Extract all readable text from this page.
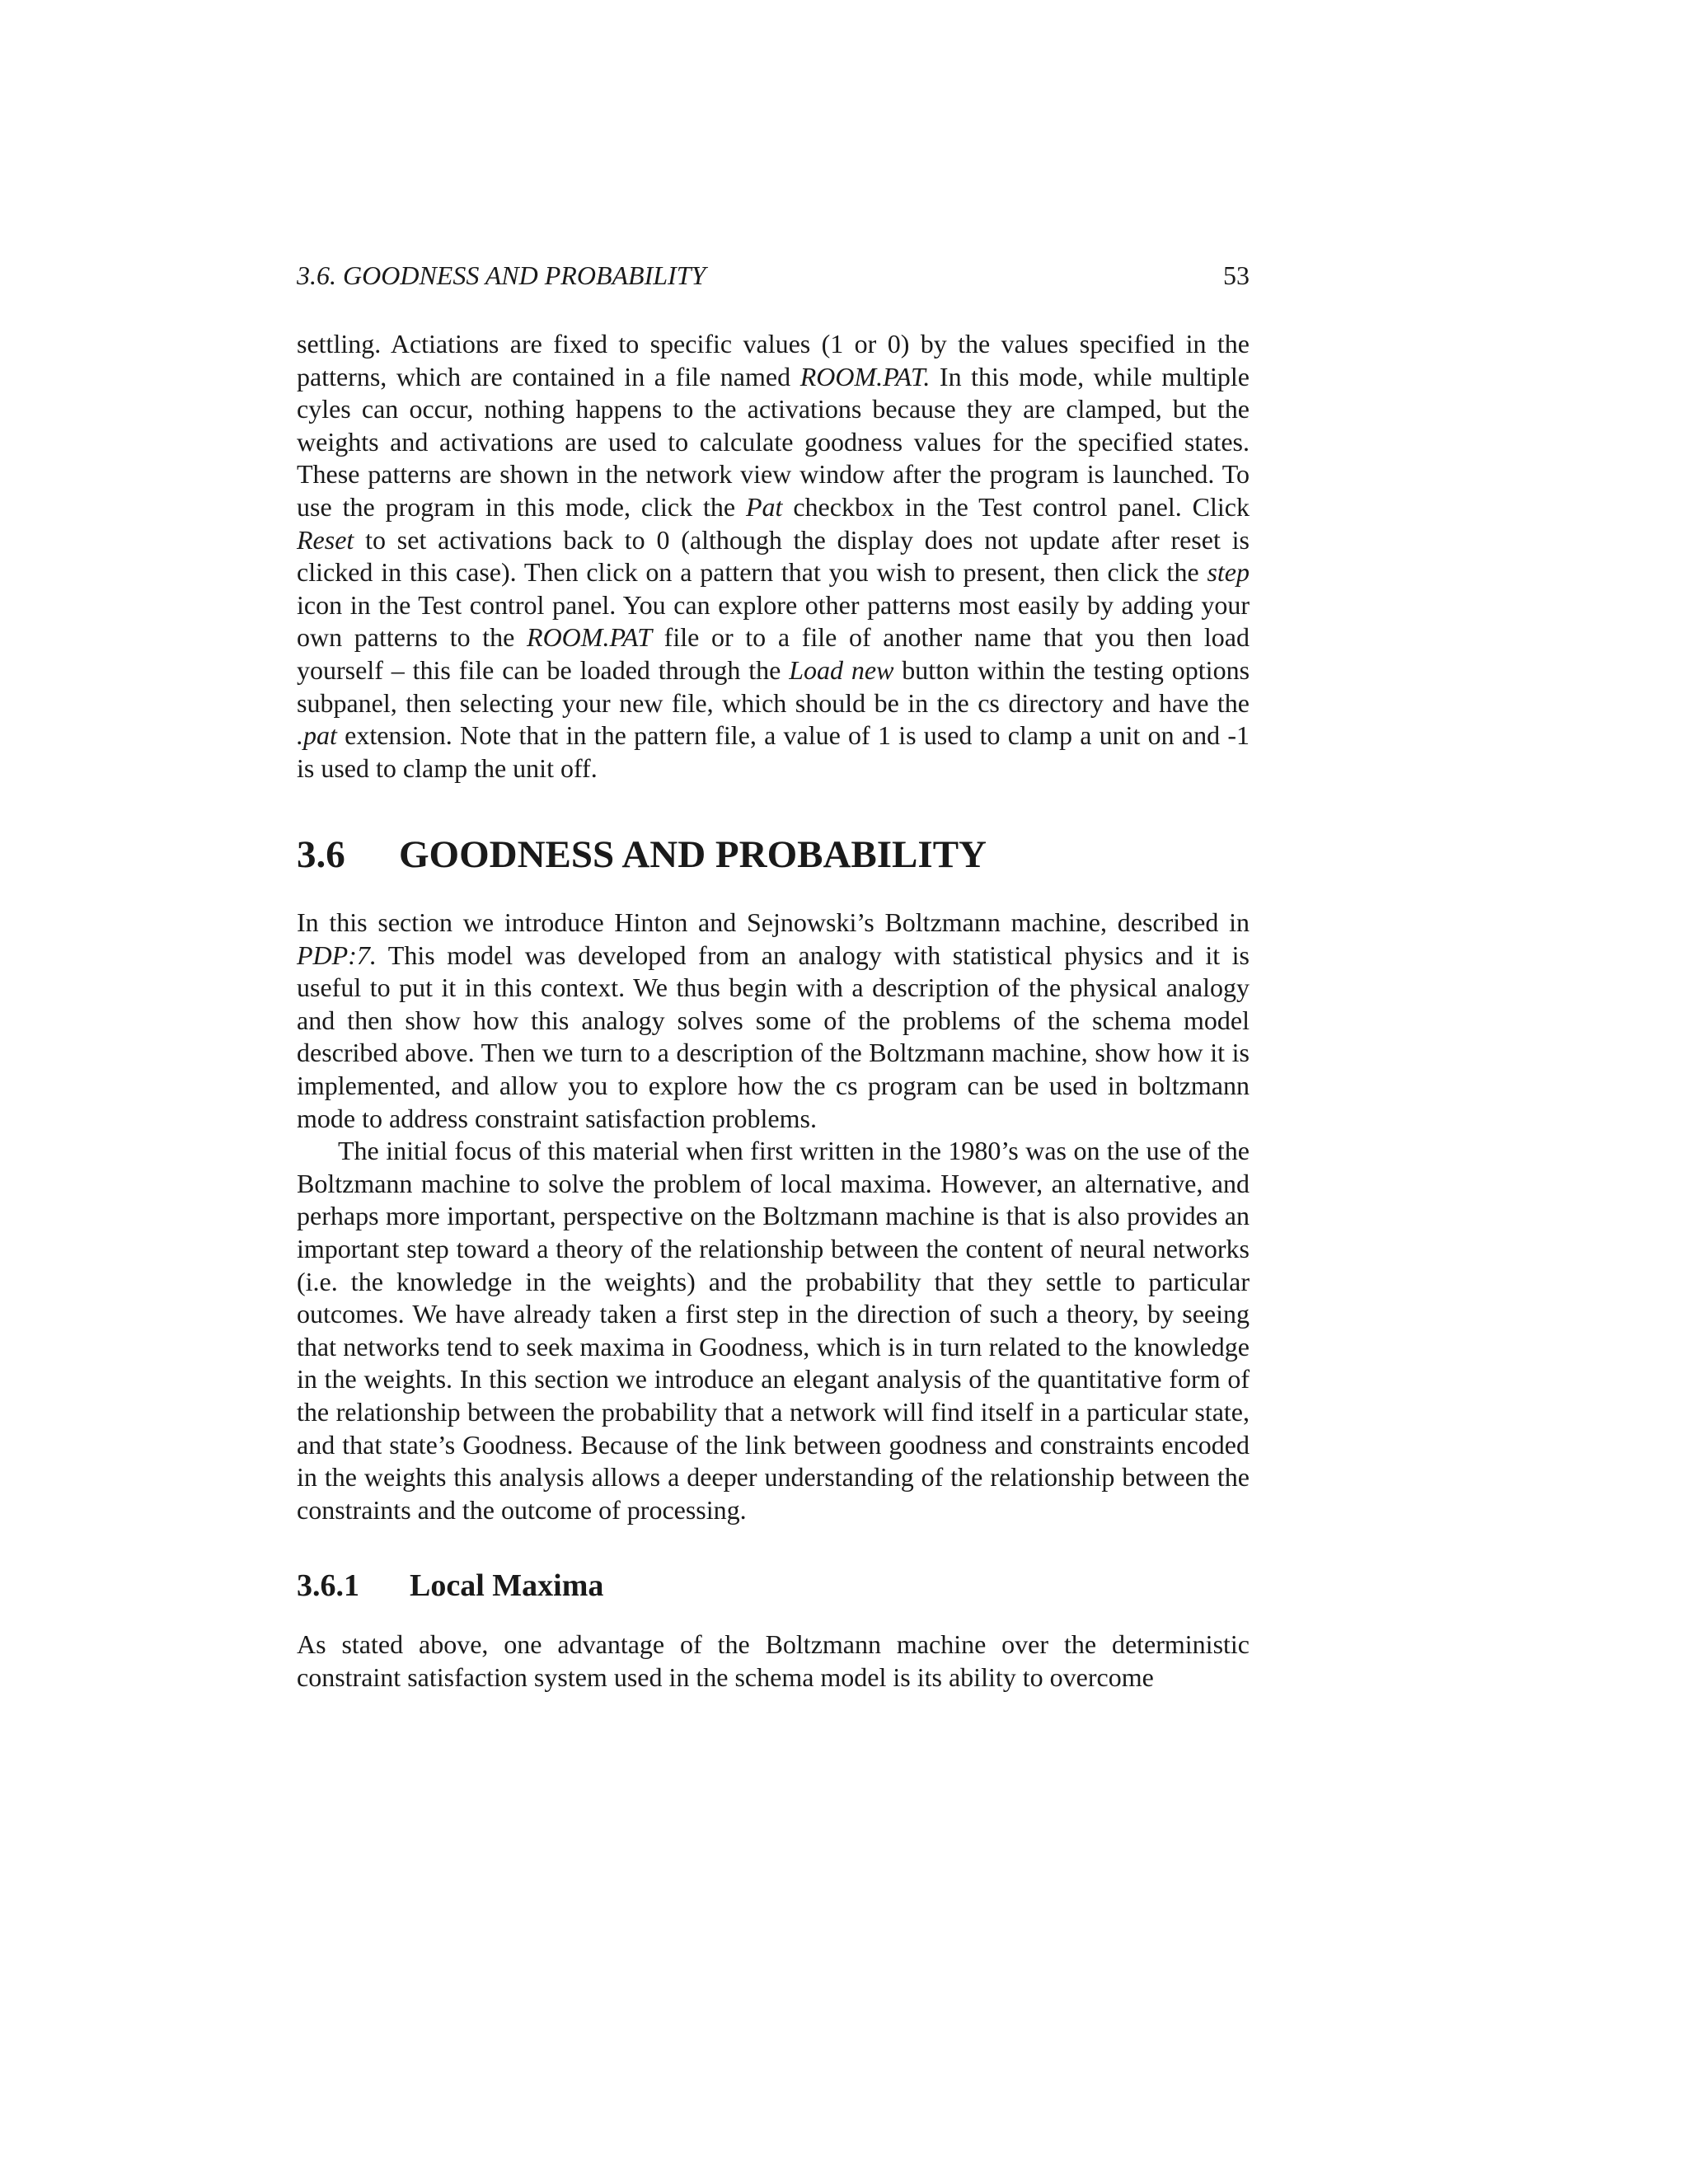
3.6. GOODNESS AND PROBABILITY	53

settling. Actiations are fixed to specific values (1 or 0) by the values specified in the patterns, which are contained in a file named ROOM.PAT. In this mode, while multiple cyles can occur, nothing happens to the activations because they are clamped, but the weights and activations are used to calculate goodness values for the specified states. These patterns are shown in the network view window after the program is launched. To use the program in this mode, click the Pat checkbox in the Test control panel. Click Reset to set activations back to 0 (although the display does not update after reset is clicked in this case). Then click on a pattern that you wish to present, then click the step icon in the Test control panel. You can explore other patterns most easily by adding your own patterns to the ROOM.PAT file or to a file of another name that you then load yourself – this file can be loaded through the Load new button within the testing options subpanel, then selecting your new file, which should be in the cs directory and have the .pat extension. Note that in the pattern file, a value of 1 is used to clamp a unit on and -1 is used to clamp the unit off.

3.6	GOODNESS AND PROBABILITY

In this section we introduce Hinton and Sejnowski’s Boltzmann machine, described in PDP:7. This model was developed from an analogy with statistical physics and it is useful to put it in this context. We thus begin with a description of the physical analogy and then show how this analogy solves some of the problems of the schema model described above. Then we turn to a description of the Boltzmann machine, show how it is implemented, and allow you to explore how the cs program can be used in boltzmann mode to address constraint satisfaction problems.

The initial focus of this material when first written in the 1980’s was on the use of the Boltzmann machine to solve the problem of local maxima. However, an alternative, and perhaps more important, perspective on the Boltzmann machine is that is also provides an important step toward a theory of the relationship between the content of neural networks (i.e. the knowledge in the weights) and the probability that they settle to particular outcomes. We have already taken a first step in the direction of such a theory, by seeing that networks tend to seek maxima in Goodness, which is in turn related to the knowledge in the weights. In this section we introduce an elegant analysis of the quantitative form of the relationship between the probability that a network will find itself in a particular state, and that state’s Goodness. Because of the link between goodness and constraints encoded in the weights this analysis allows a deeper understanding of the relationship between the constraints and the outcome of processing.

3.6.1	Local Maxima

As stated above, one advantage of the Boltzmann machine over the deterministic constraint satisfaction system used in the schema model is its ability to overcome
